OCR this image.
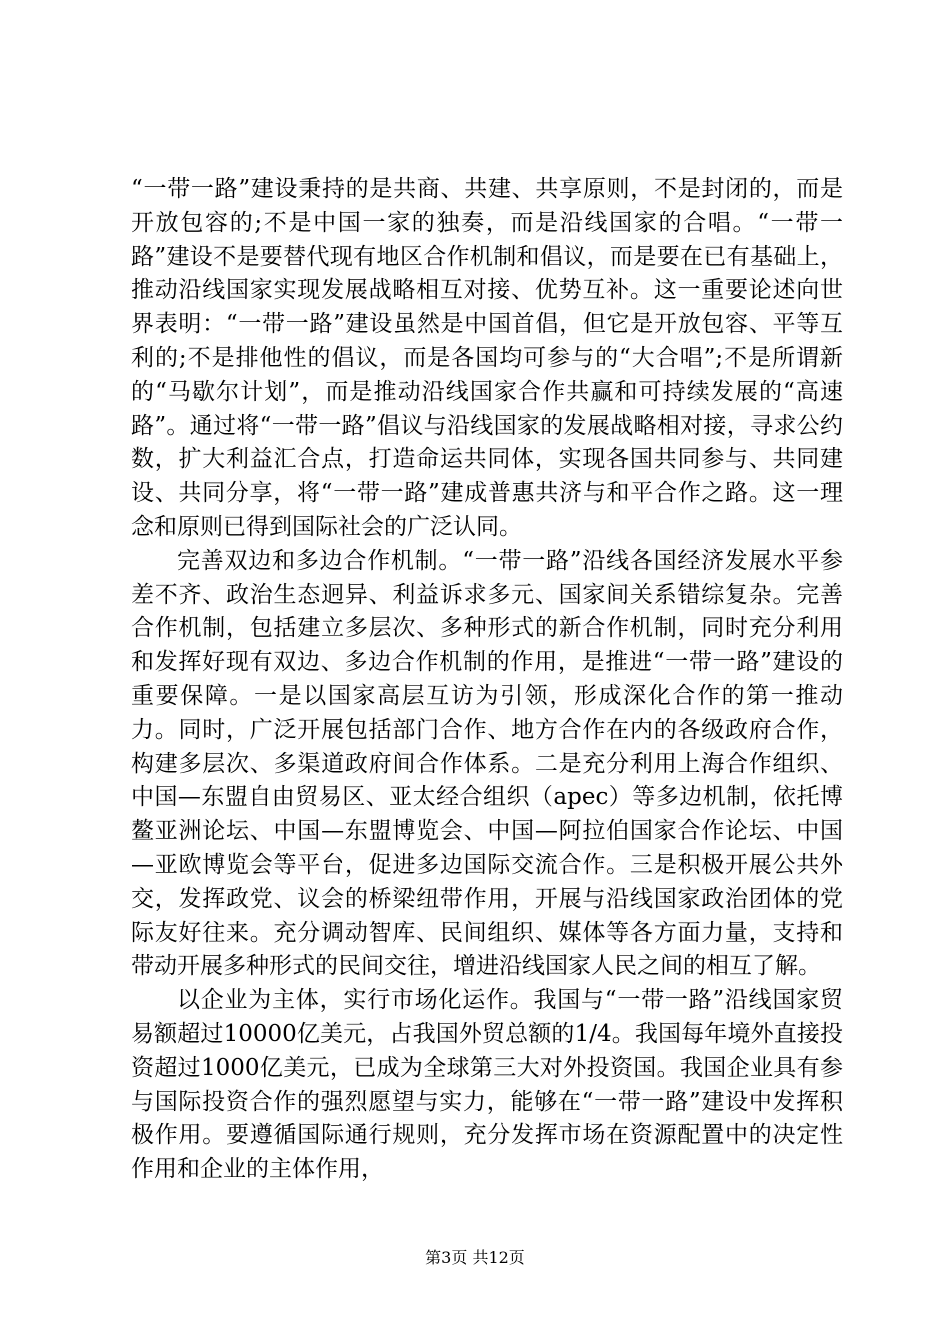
“一带一路”建设秉持的是共商、共建、共享原则，不是封闭的，而是开放包容的;不是中国一家的独奏，而是沿线国家的合唱。“一带一路”建设不是要替代现有地区合作机制和倡议，而是要在已有基础上，推动沿线国家实现发展战略相互对接、优势互补。这一重要论述向世界表明：“一带一路”建设虽然是中国首倡，但它是开放包容、平等互利的;不是排他性的倡议，而是各国均可参与的“大合唱”;不是所谓新的“马歇尔计划”，而是推动沿线国家合作共赢和可持续发展的“高速路”。通过将“一带一路”倡议与沿线国家的发展战略相对接，寻求公约数，扩大利益汇合点，打造命运共同体，实现各国共同参与、共同建设、共同分享，将“一带一路”建成普惠共济与和平合作之路。这一理念和原则已得到国际社会的广泛认同。

完善双边和多边合作机制。“一带一路”沿线各国经济发展水平参差不齐、政治生态迥异、利益诉求多元、国家间关系错综复杂。完善合作机制，包括建立多层次、多种形式的新合作机制，同时充分利用和发挥好现有双边、多边合作机制的作用，是推进“一带一路”建设的重要保障。一是以国家高层互访为引领，形成深化合作的第一推动力。同时，广泛开展包括部门合作、地方合作在内的各级政府合作，构建多层次、多渠道政府间合作体系。二是充分利用上海合作组织、中国—东盟自由贸易区、亚太经合组织（apec）等多边机制，依托博鳌亚洲论坛、中国—东盟博览会、中国—阿拉伯国家合作论坛、中国—亚欧博览会等平台，促进多边国际交流合作。三是积极开展公共外交，发挥政党、议会的桥梁纽带作用，开展与沿线国家政治团体的党际友好往来。充分调动智库、民间组织、媒体等各方面力量，支持和带动开展多种形式的民间交往，增进沿线国家人民之间的相互了解。

以企业为主体，实行市场化运作。我国与“一带一路”沿线国家贸易额超过10000亿美元，占我国外贸总额的1/4。我国每年境外直接投资超过1000亿美元，已成为全球第三大对外投资国。我国企业具有参与国际投资合作的强烈愿望与实力，能够在“一带一路”建设中发挥积极作用。要遵循国际通行规则，充分发挥市场在资源配置中的决定性作用和企业的主体作用，

第3页 共12页
